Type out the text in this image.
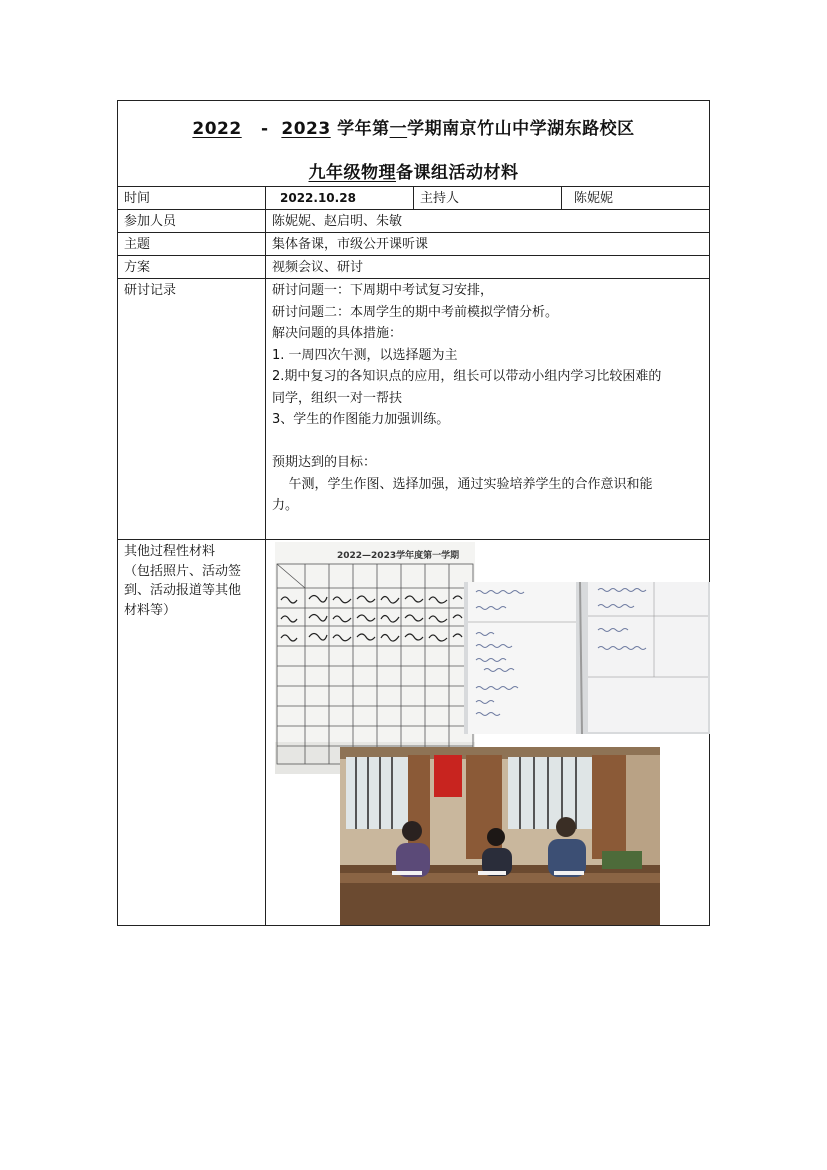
2022 - 2023 学年第一学期南京竹山中学湖东路校区
九年级物理备课组活动材料
时间	2022.10.28	主持人	陈妮妮
参加人员	陈妮妮、赵启明、朱敏
主题	集体备课，市级公开课听课
方案	视频会议、研讨
研讨记录	研讨问题一：下周期中考试复习安排，

研讨问题二：本周学生的期中考前模拟学情分析。

解决问题的具体措施：

1. 一周四次午测，以选择题为主

2.期中复习的各知识点的应用，组长可以带动小组内学习比较困难的

同学，组织一对一帮扶

3、学生的作图能力加强训练。

预期达到的目标：

午测，学生作图、选择加强，通过实验培养学生的合作意识和能

力。

其他过程性材料
（包括照片、活动签
到、活动报道等其他
材料等）
2022—2023学年度第一学期
